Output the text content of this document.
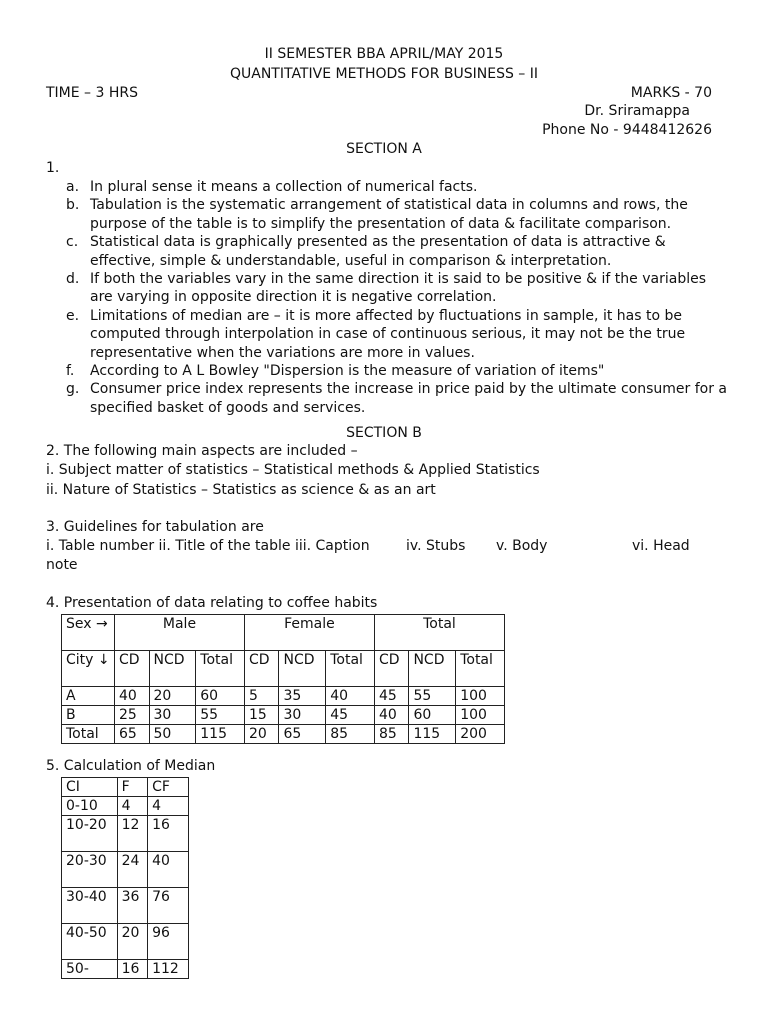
II SEMESTER BBA APRIL/MAY 2015
QUANTITATIVE METHODS FOR BUSINESS – II
TIME – 3 HRS	MARKS - 70
Dr. Sriramappa
Phone No - 9448412626
SECTION A
1.
a. In plural sense it means a collection of numerical facts.
b. Tabulation is the systematic arrangement of statistical data in columns and rows, the
purpose of the table is to simplify the presentation of data & facilitate comparison.
c. Statistical data is graphically presented as the presentation of data is attractive &
effective, simple & understandable, useful in comparison & interpretation.
d. If both the variables vary in the same direction it is said to be positive & if the variables
are varying in opposite direction it is negative correlation.
e. Limitations of median are – it is more affected by fluctuations in sample, it has to be
computed through interpolation in case of continuous serious, it may not be the true
representative when the variations are more in values.
f. According to A L Bowley "Dispersion is the measure of variation of items"
g. Consumer price index represents the increase in price paid by the ultimate consumer for a
specified basket of goods and services.
SECTION B
2. The following main aspects are included –
i. Subject matter of statistics – Statistical methods & Applied Statistics
ii. Nature of Statistics – Statistics as science & as an art
3. Guidelines for tabulation are
i. Table number ii. Title of the table iii. Caption	iv. Stubs v. Body	vi. Head
note
4. Presentation of data relating to coffee habits
Sex →	Male			Female			Total		
City ↓	CD	NCD	Total	CD	NCD	Total	CD	NCD	Total
A	40	20	60	5	35	40	45	55	100
B	25	30	55	15	30	45	40	60	100
Total	65	50	115	20	65	85	85	115	200
5. Calculation of Median
CI	F	CF
0-10	4	4
10-20	12	16
20-30	24	40
30-40	36	76
40-50	20	96
50-	16	112
